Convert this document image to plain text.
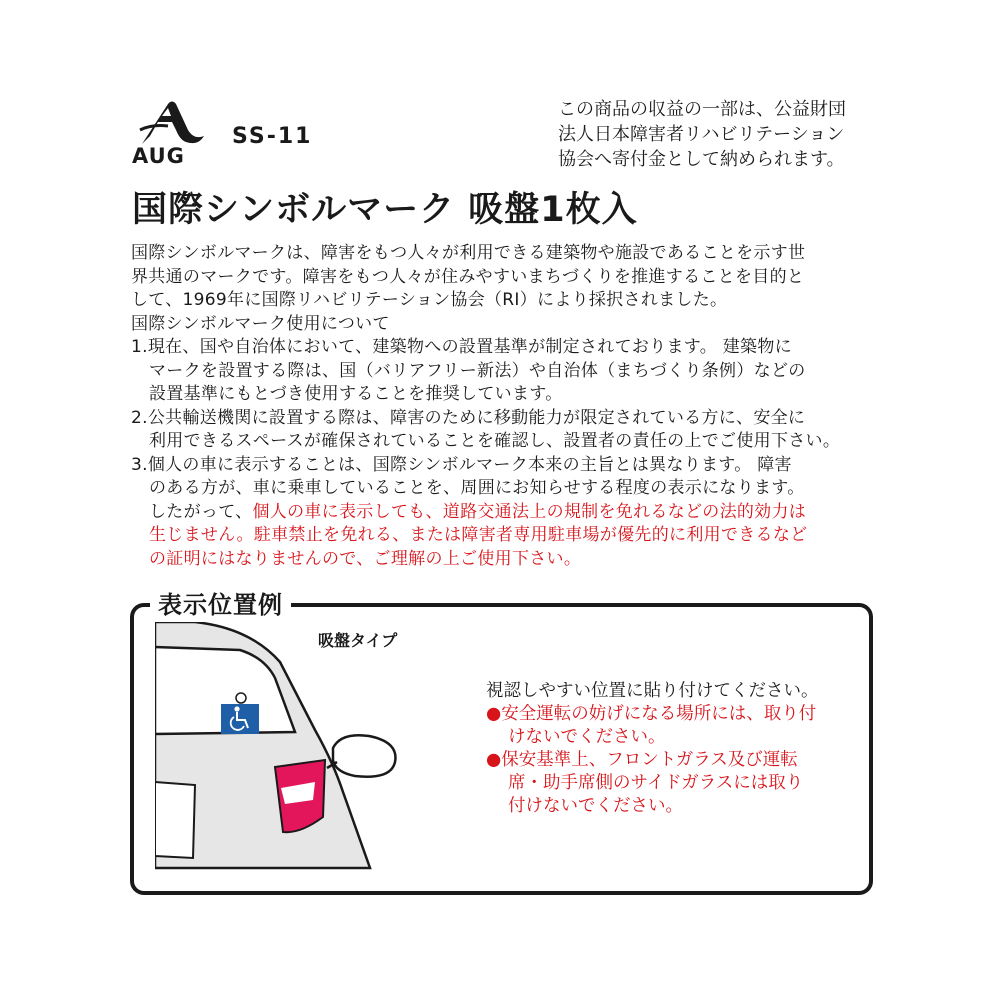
AUG
SS-11
この商品の収益の一部は、公益財団
法人日本障害者リハビリテーション
協会へ寄付金として納められます。
国際シンボルマーク 吸盤1枚入
国際シンボルマークは、障害をもつ人々が利用できる建築物や施設であることを示す世
界共通のマークです。障害をもつ人々が住みやすいまちづくりを推進することを目的と
して、1969年に国際リハビリテーション協会（RI）により採択されました。
国際シンボルマーク使用について
1.現在、国や自治体において、建築物への設置基準が制定されております。 建築物に
マークを設置する際は、国（バリアフリー新法）や自治体（まちづくり条例）などの
設置基準にもとづき使用することを推奨しています。
2.公共輸送機関に設置する際は、障害のために移動能力が限定されている方に、安全に
利用できるスペースが確保されていることを確認し、設置者の責任の上でご使用下さい。
3.個人の車に表示することは、国際シンボルマーク本来の主旨とは異なります。 障害
のある方が、車に乗車していることを、周囲にお知らせする程度の表示になります。
したがって、個人の車に表示しても、道路交通法上の規制を免れるなどの法的効力は
生じません。駐車禁止を免れる、または障害者専用駐車場が優先的に利用できるなど
の証明にはなりませんので、ご理解の上ご使用下さい。
表示位置例
吸盤タイプ
視認しやすい位置に貼り付けてください。
●安全運転の妨げになる場所には、取り付
けないでください。
●保安基準上、フロントガラス及び運転
席・助手席側のサイドガラスには取り
付けないでください。
